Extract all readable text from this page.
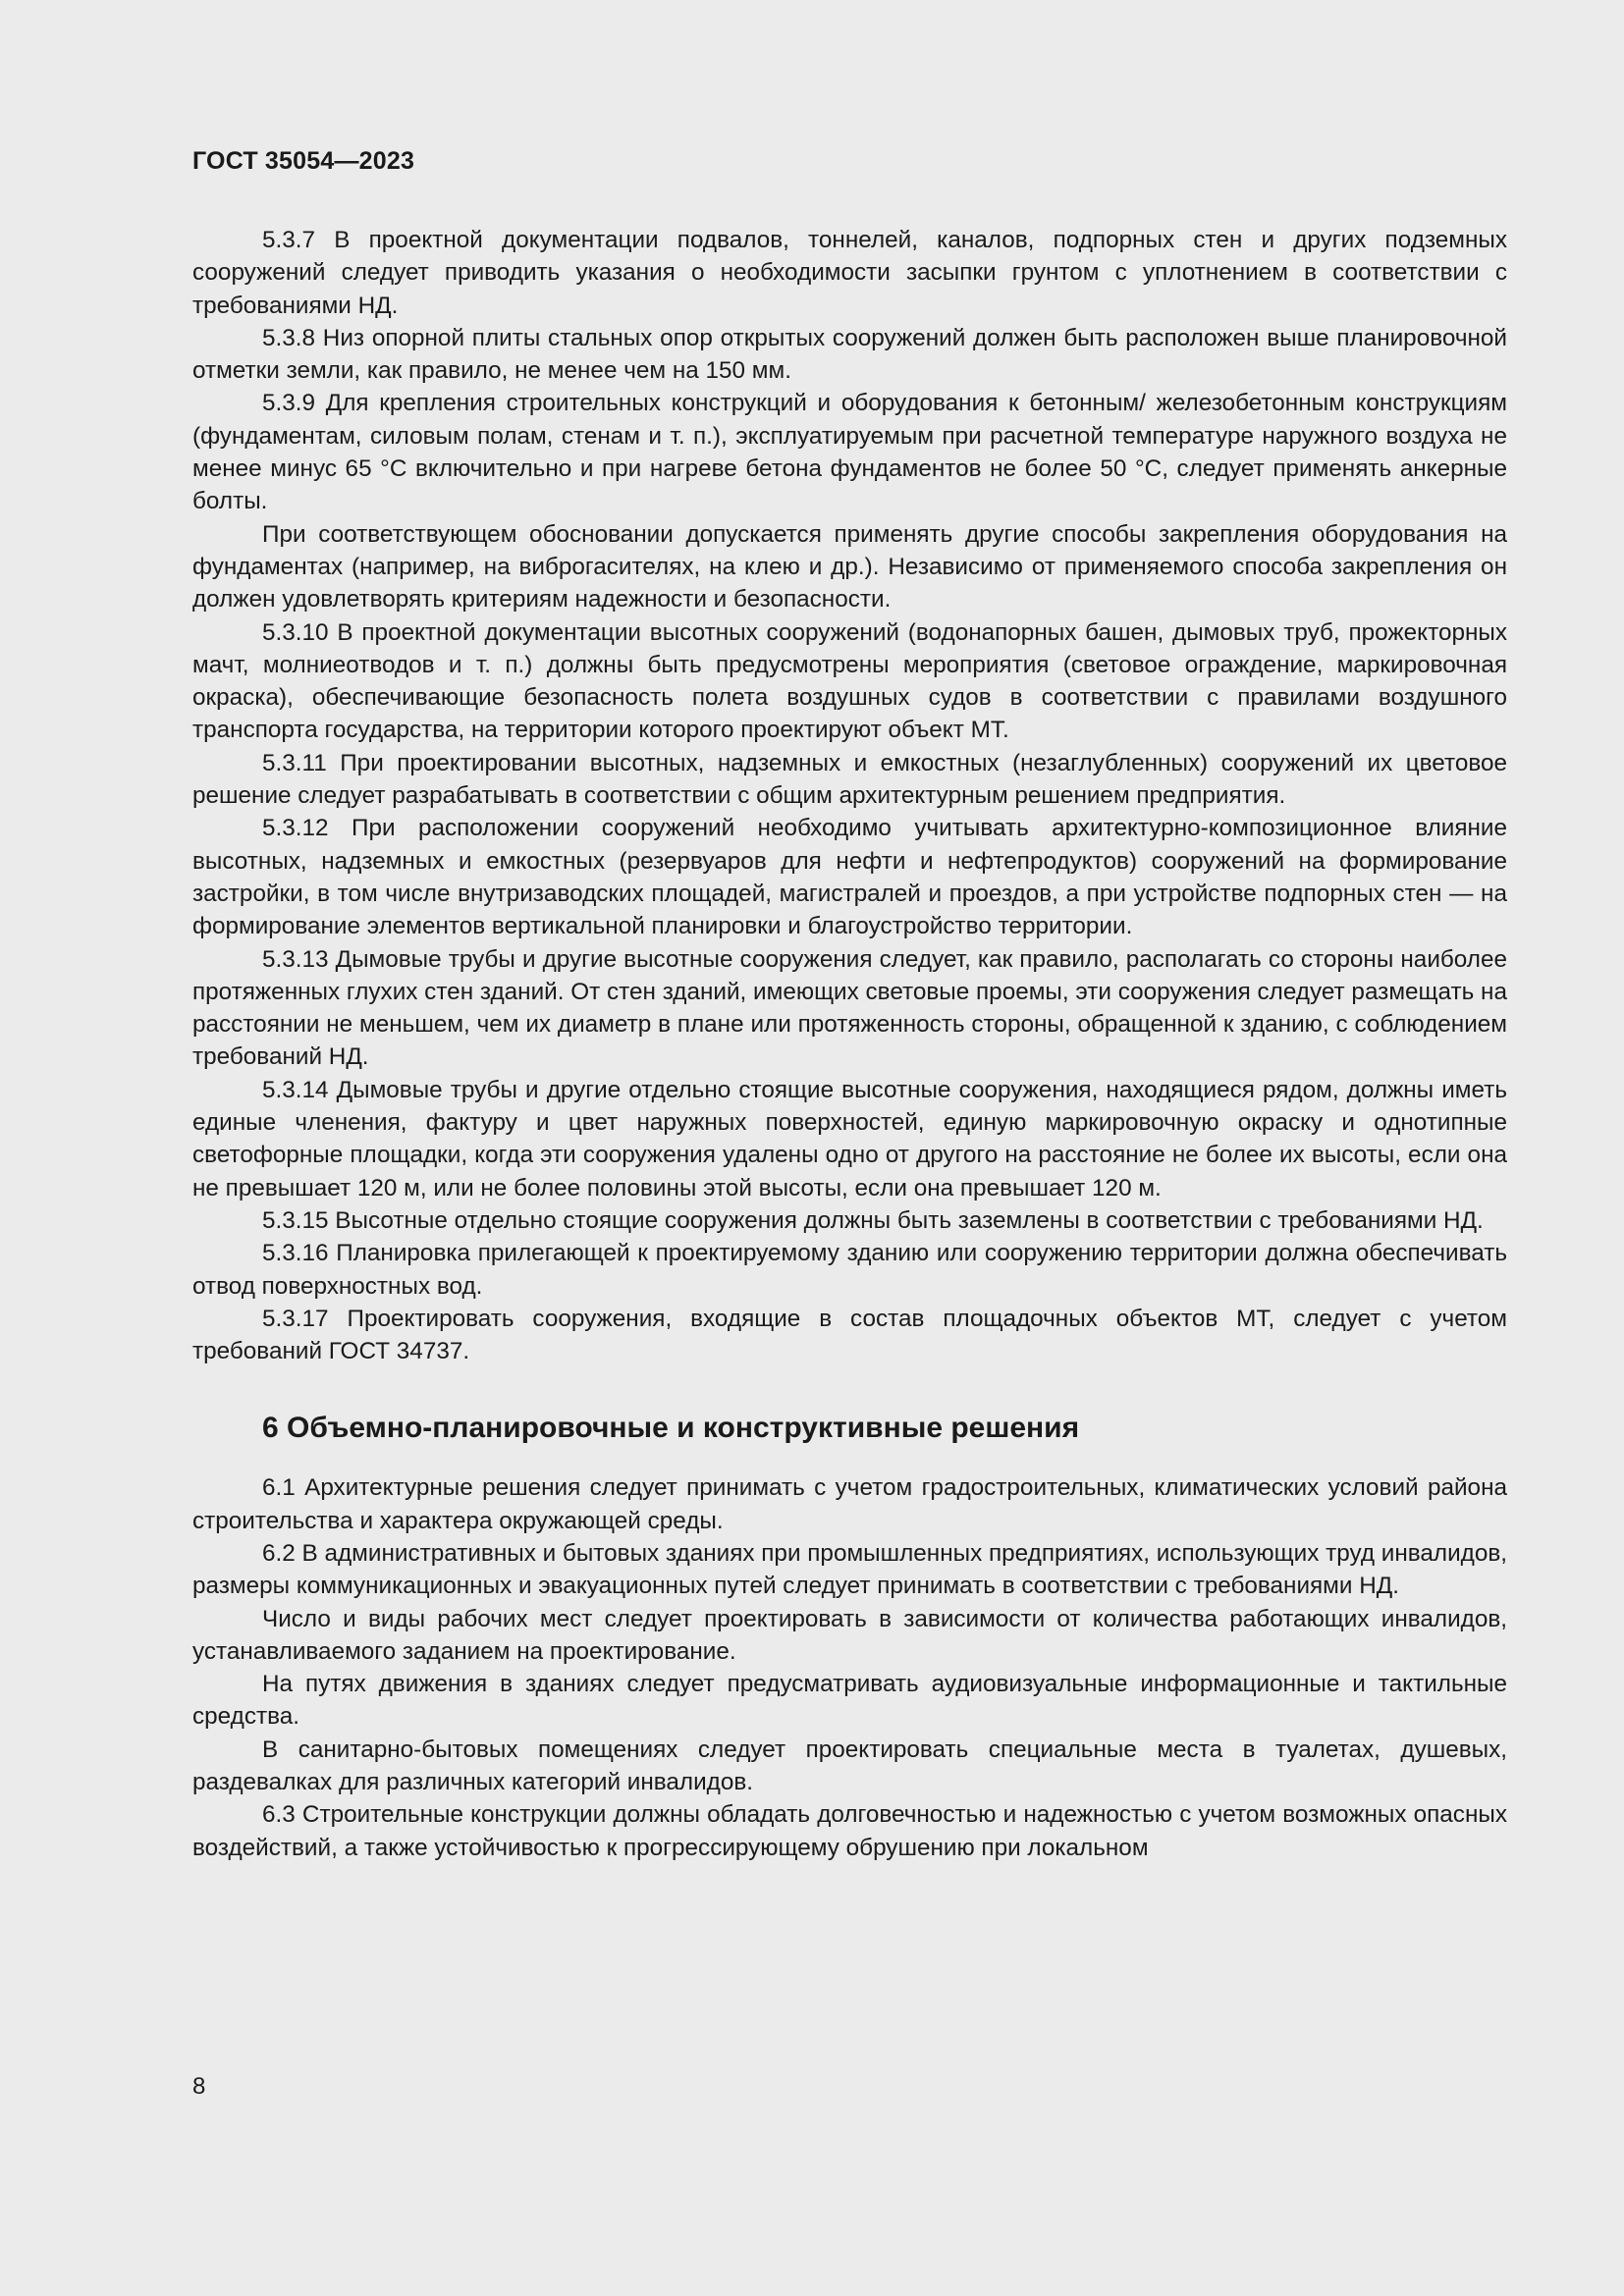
ГОСТ 35054—2023

5.3.7 В проектной документации подвалов, тоннелей, каналов, подпорных стен и других подземных сооружений следует приводить указания о необходимости засыпки грунтом с уплотнением в соответствии с требованиями НД.

5.3.8 Низ опорной плиты стальных опор открытых сооружений должен быть расположен выше планировочной отметки земли, как правило, не менее чем на 150 мм.

5.3.9 Для крепления строительных конструкций и оборудования к бетонным/ железобетонным конструкциям (фундаментам, силовым полам, стенам и т. п.), эксплуатируемым при расчетной температуре наружного воздуха не менее минус 65 °С включительно и при нагреве бетона фундаментов не более 50 °С, следует применять анкерные болты.

При соответствующем обосновании допускается применять другие способы закрепления оборудования на фундаментах (например, на виброгасителях, на клею и др.). Независимо от применяемого способа закрепления он должен удовлетворять критериям надежности и безопасности.

5.3.10 В проектной документации высотных сооружений (водонапорных башен, дымовых труб, прожекторных мачт, молниеотводов и т. п.) должны быть предусмотрены мероприятия (световое ограждение, маркировочная окраска), обеспечивающие безопасность полета воздушных судов в соответствии с правилами воздушного транспорта государства, на территории которого проектируют объект МТ.

5.3.11 При проектировании высотных, надземных и емкостных (незаглубленных) сооружений их цветовое решение следует разрабатывать в соответствии с общим архитектурным решением предприятия.

5.3.12 При расположении сооружений необходимо учитывать архитектурно-композиционное влияние высотных, надземных и емкостных (резервуаров для нефти и нефтепродуктов) сооружений на формирование застройки, в том числе внутризаводских площадей, магистралей и проездов, а при устройстве подпорных стен — на формирование элементов вертикальной планировки и благоустройство территории.

5.3.13 Дымовые трубы и другие высотные сооружения следует, как правило, располагать со стороны наиболее протяженных глухих стен зданий. От стен зданий, имеющих световые проемы, эти сооружения следует размещать на расстоянии не меньшем, чем их диаметр в плане или протяженность стороны, обращенной к зданию, с соблюдением требований НД.

5.3.14 Дымовые трубы и другие отдельно стоящие высотные сооружения, находящиеся рядом, должны иметь единые членения, фактуру и цвет наружных поверхностей, единую маркировочную окраску и однотипные светофорные площадки, когда эти сооружения удалены одно от другого на расстояние не более их высоты, если она не превышает 120 м, или не более половины этой высоты, если она превышает 120 м.

5.3.15 Высотные отдельно стоящие сооружения должны быть заземлены в соответствии с требованиями НД.

5.3.16 Планировка прилегающей к проектируемому зданию или сооружению территории должна обеспечивать отвод поверхностных вод.

5.3.17 Проектировать сооружения, входящие в состав площадочных объектов МТ, следует с учетом требований ГОСТ 34737.

6 Объемно-планировочные и конструктивные решения

6.1 Архитектурные решения следует принимать с учетом градостроительных, климатических условий района строительства и характера окружающей среды.

6.2 В административных и бытовых зданиях при промышленных предприятиях, использующих труд инвалидов, размеры коммуникационных и эвакуационных путей следует принимать в соответствии с требованиями НД.

Число и виды рабочих мест следует проектировать в зависимости от количества работающих инвалидов, устанавливаемого заданием на проектирование.

На путях движения в зданиях следует предусматривать аудиовизуальные информационные и тактильные средства.

В санитарно-бытовых помещениях следует проектировать специальные места в туалетах, душевых, раздевалках для различных категорий инвалидов.

6.3 Строительные конструкции должны обладать долговечностью и надежностью с учетом возможных опасных воздействий, а также устойчивостью к прогрессирующему обрушению при локальном

8
